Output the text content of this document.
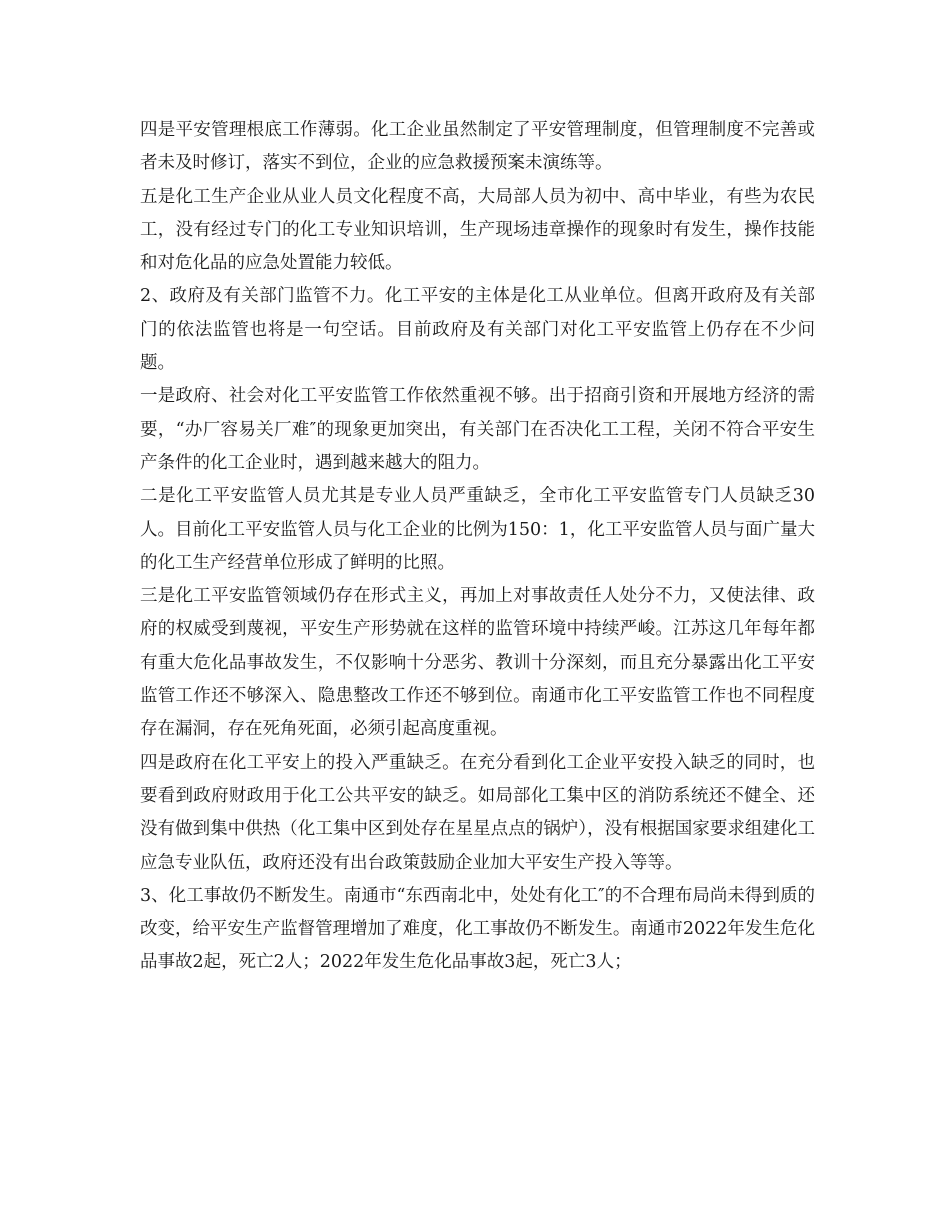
四是平安管理根底工作薄弱。化工企业虽然制定了平安管理制度，但管理制度不完善或者未及时修订，落实不到位，企业的应急救援预案未演练等。

五是化工生产企业从业人员文化程度不高，大局部人员为初中、高中毕业，有些为农民工，没有经过专门的化工专业知识培训，生产现场违章操作的现象时有发生，操作技能和对危化品的应急处置能力较低。

2、政府及有关部门监管不力。化工平安的主体是化工从业单位。但离开政府及有关部门的依法监管也将是一句空话。目前政府及有关部门对化工平安监管上仍存在不少问题。

一是政府、社会对化工平安监管工作依然重视不够。出于招商引资和开展地方经济的需要，“办厂容易关厂难″的现象更加突出，有关部门在否决化工工程，关闭不符合平安生产条件的化工企业时，遇到越来越大的阻力。

二是化工平安监管人员尤其是专业人员严重缺乏，全市化工平安监管专门人员缺乏30人。目前化工平安监管人员与化工企业的比例为150：1，化工平安监管人员与面广量大的化工生产经营单位形成了鲜明的比照。

三是化工平安监管领域仍存在形式主义，再加上对事故责任人处分不力，又使法律、政府的权威受到蔑视，平安生产形势就在这样的监管环境中持续严峻。江苏这几年每年都有重大危化品事故发生，不仅影响十分恶劣、教训十分深刻，而且充分暴露出化工平安监管工作还不够深入、隐患整改工作还不够到位。南通市化工平安监管工作也不同程度存在漏洞，存在死角死面，必须引起高度重视。

四是政府在化工平安上的投入严重缺乏。在充分看到化工企业平安投入缺乏的同时，也要看到政府财政用于化工公共平安的缺乏。如局部化工集中区的消防系统还不健全、还没有做到集中供热（化工集中区到处存在星星点点的锅炉），没有根据国家要求组建化工应急专业队伍，政府还没有出台政策鼓励企业加大平安生产投入等等。

3、化工事故仍不断发生。南通市“东西南北中，处处有化工″的不合理布局尚未得到质的改变，给平安生产监督管理增加了难度，化工事故仍不断发生。南通市2022年发生危化品事故2起，死亡2人；2022年发生危化品事故3起，死亡3人；
